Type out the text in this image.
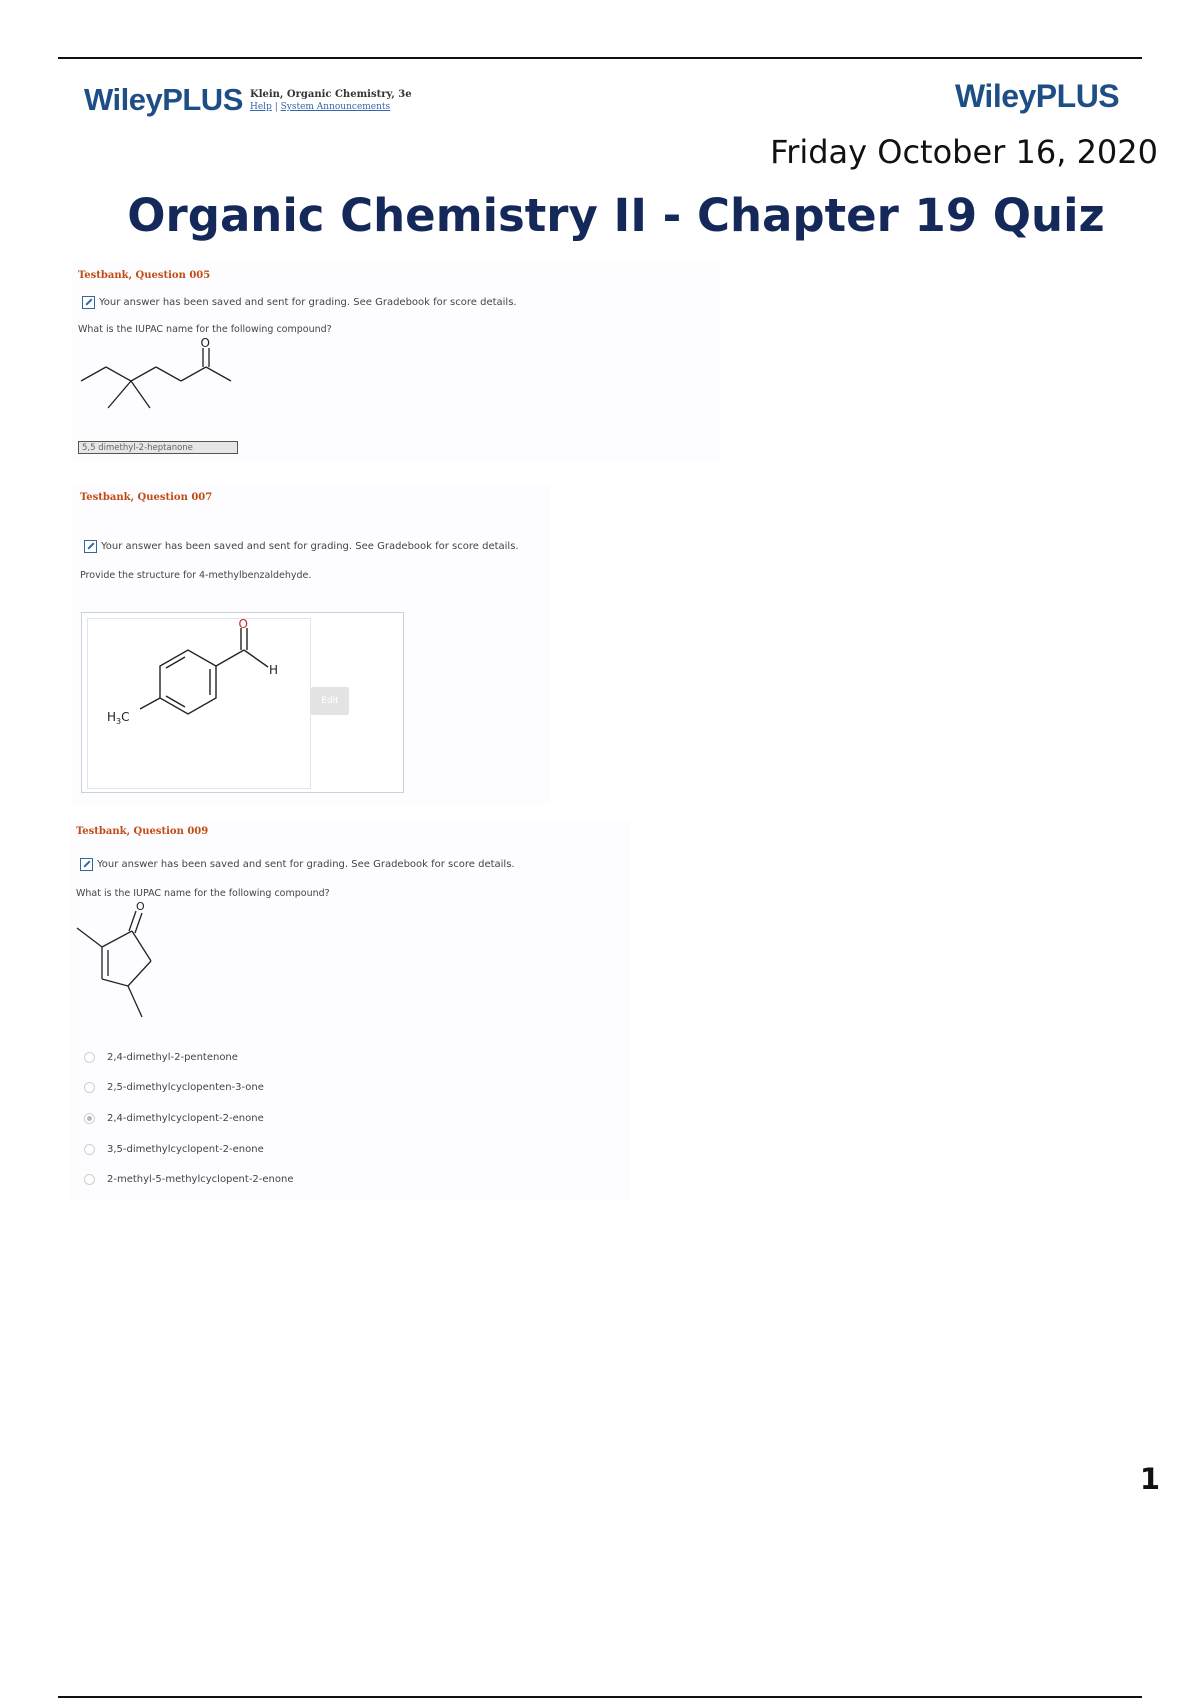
WileyPLUS Klein, Organic Chemistry, 3e
Help | System Announcements	WileyPLUS
Friday October 16, 2020
Organic Chemistry II - Chapter 19 Quiz
Testbank, Question 005
Your answer has been saved and sent for grading. See Gradebook for score details.
What is the IUPAC name for the following compound?
O
5,5 dimethyl-2-heptanone
Testbank, Question 007
Your answer has been saved and sent for grading. See Gradebook for score details.
Provide the structure for 4-methylbenzaldehyde.
O
H
$H_3C$
Edit
Testbank, Question 009
Your answer has been saved and sent for grading. See Gradebook for score details.
What is the IUPAC name for the following compound?
O
2,4-dimethyl-2-pentenone
2,5-dimethylcyclopenten-3-one
2,4-dimethylcyclopent-2-enone
3,5-dimethylcyclopent-2-enone
2-methyl-5-methylcyclopent-2-enone
1
